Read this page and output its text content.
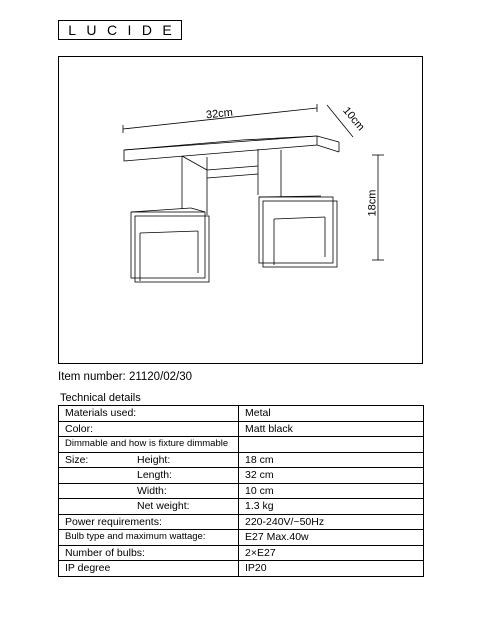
L U C I D E
32cm	10cm
18cm
Item number: 21120/02/30
Technical details
Materials used:	Metal
Color:	Matt black
Dimmable and how is fixture dimmable	

Size: Height:	18 cm

Length:	32 cm

Width:	10 cm

Net weight:	1.3 kg
Power requirements:	220-240V/~50Hz
Bulb type and maximum wattage:	E27 Max.40w
Number of bulbs:	2×E27
IP degree	IP20
